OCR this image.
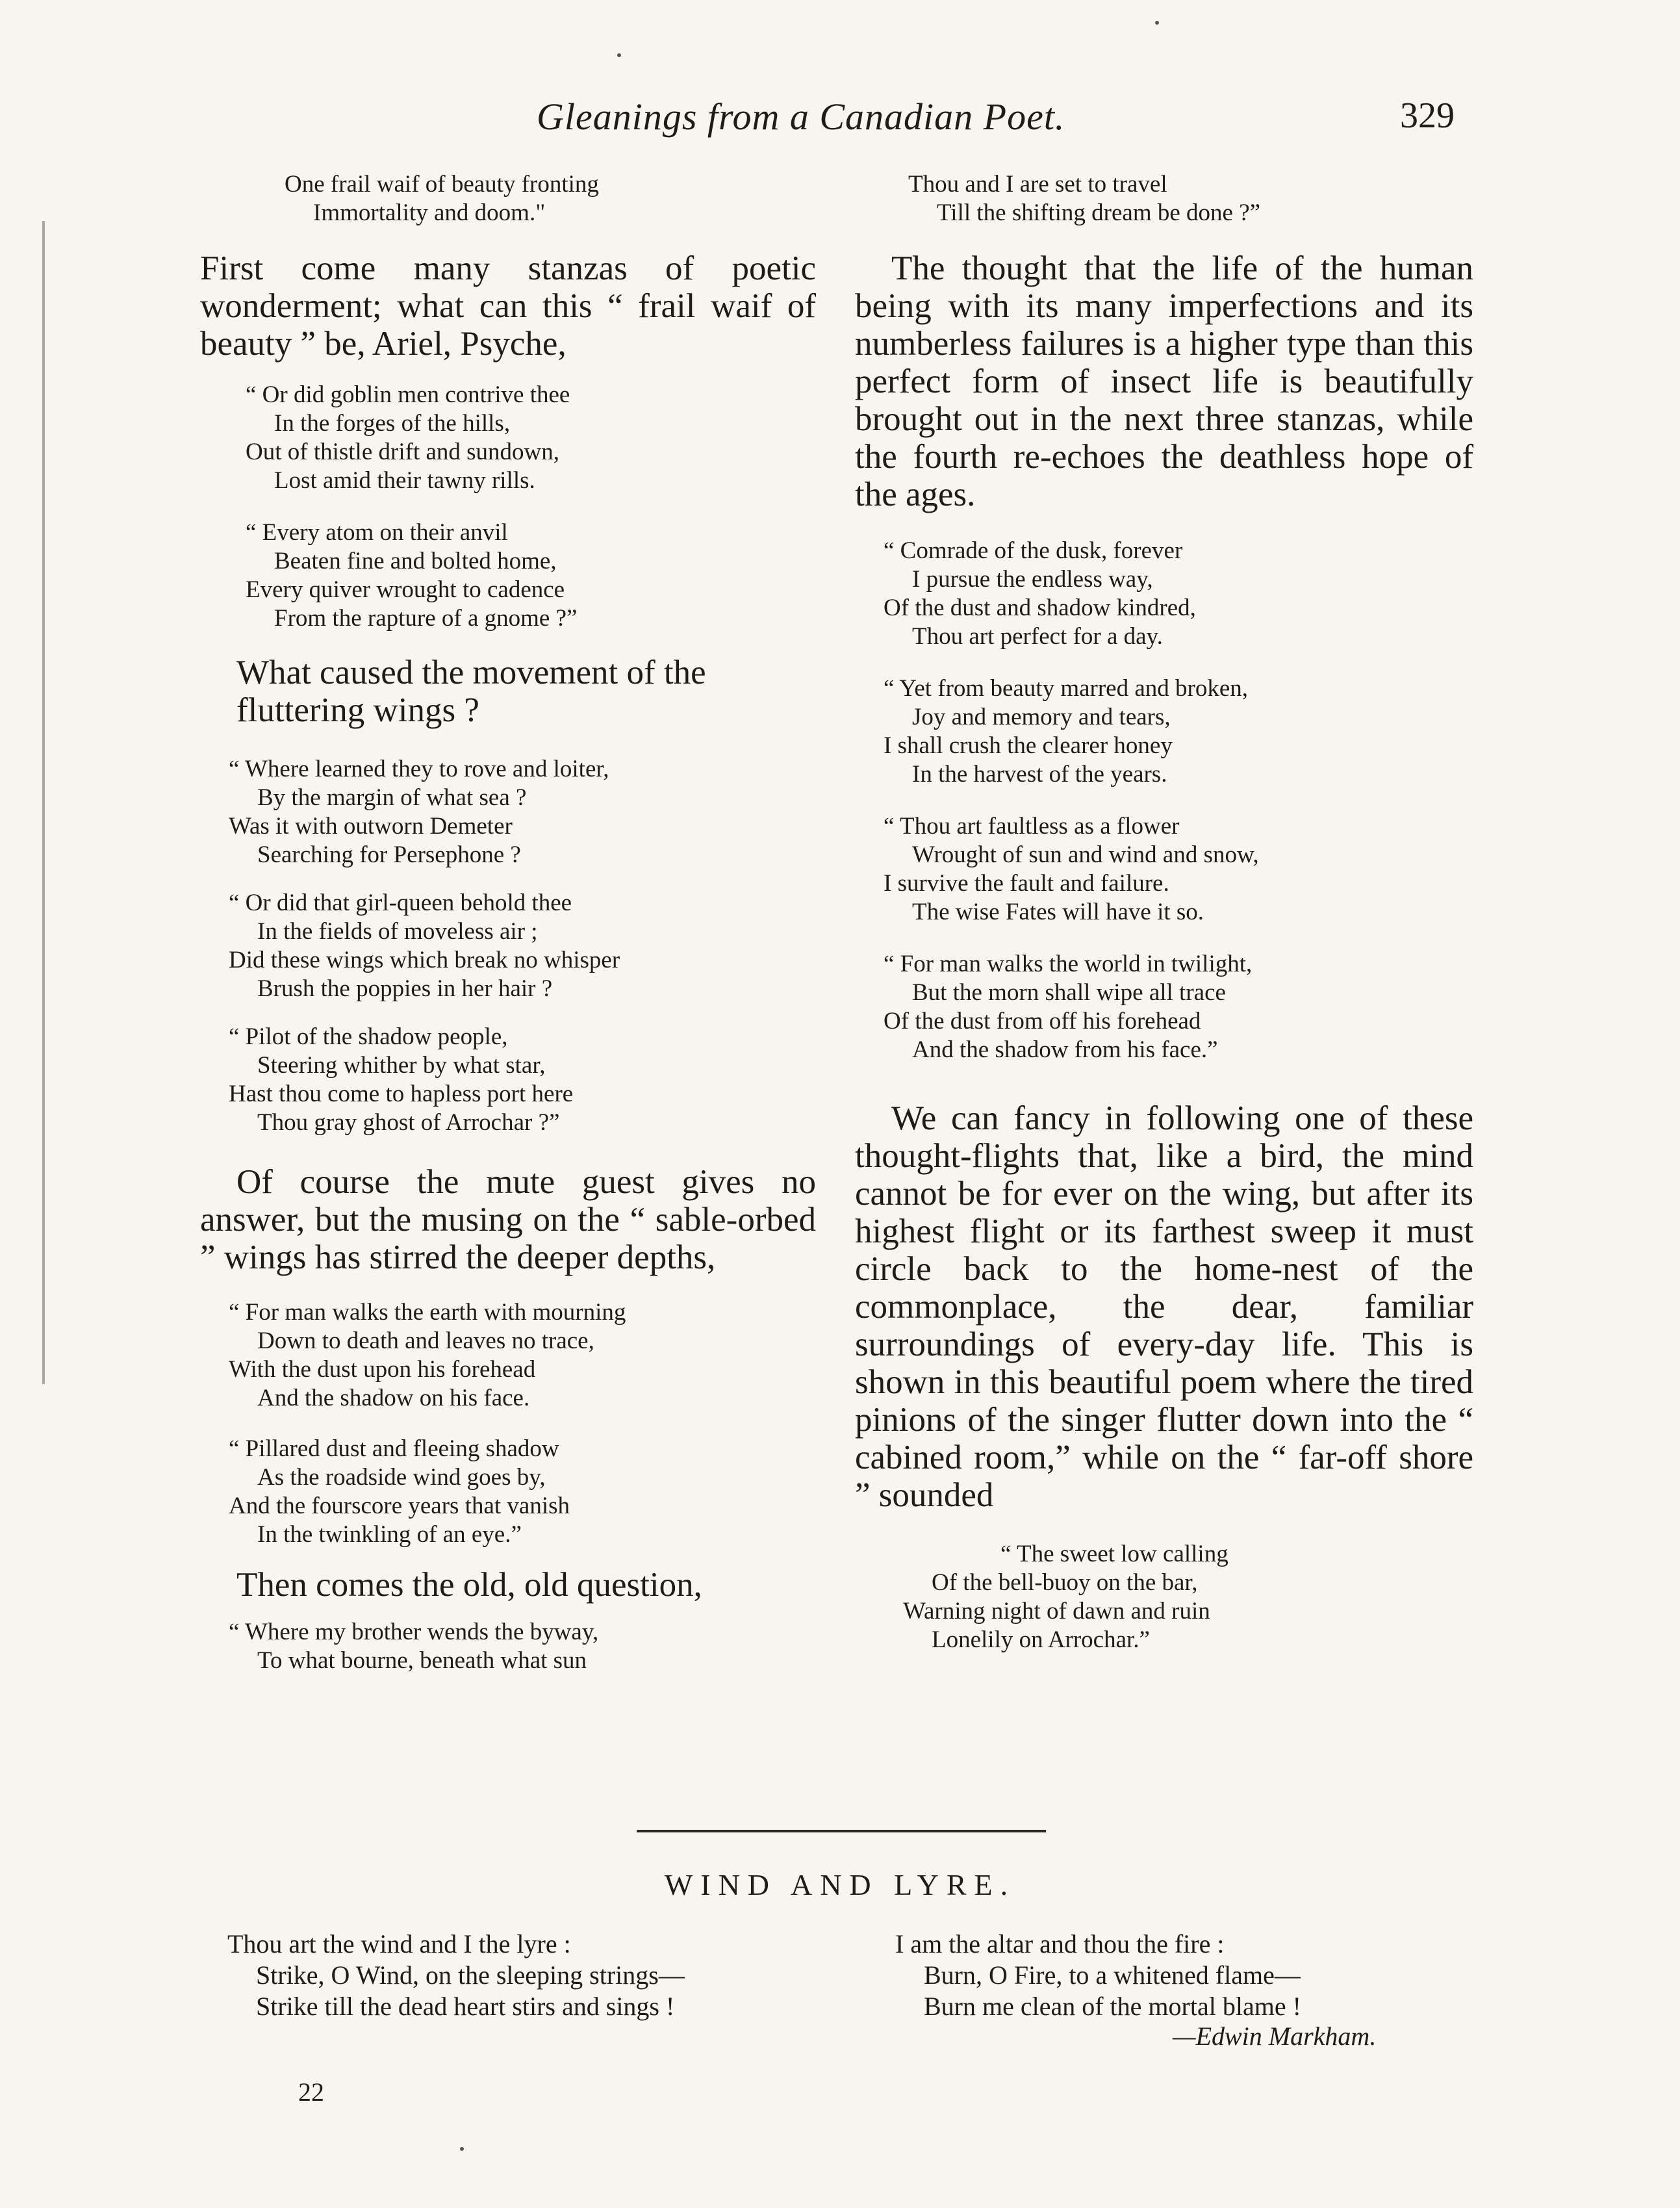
Gleanings from a Canadian Poet.	329
One frail waif of beauty fronting
Immortality and doom."

First come many stanzas of poetic wonderment; what can this “ frail waif of beauty ” be, Ariel, Psyche,

“ Or did goblin men contrive thee
In the forges of the hills,
Out of thistle drift and sundown,
Lost amid their tawny rills.
“ Every atom on their anvil
Beaten fine and bolted home,
Every quiver wrought to cadence
From the rapture of a gnome ?”

What caused the movement of the fluttering wings ?

“ Where learned they to rove and loiter,
By the margin of what sea ?
Was it with outworn Demeter
Searching for Persephone ?
“ Or did that girl-queen behold thee
In the fields of moveless air ;
Did these wings which break no whisper
Brush the poppies in her hair ?
“ Pilot of the shadow people,
Steering whither by what star,
Hast thou come to hapless port here
Thou gray ghost of Arrochar ?”

Of course the mute guest gives no answer, but the musing on the “ sable-orbed ” wings has stirred the deeper depths,

“ For man walks the earth with mourning
Down to death and leaves no trace,
With the dust upon his forehead
And the shadow on his face.
“ Pillared dust and fleeing shadow
As the roadside wind goes by,
And the fourscore years that vanish
In the twinkling of an eye.”

Then comes the old, old question,

“ Where my brother wends the byway,
To what bourne, beneath what sun
Thou and I are set to travel
Till the shifting dream be done ?”

The thought that the life of the human being with its many imperfections and its numberless failures is a higher type than this perfect form of insect life is beautifully brought out in the next three stanzas, while the fourth re-echoes the deathless hope of the ages.

“ Comrade of the dusk, forever
I pursue the endless way,
Of the dust and shadow kindred,
Thou art perfect for a day.
“ Yet from beauty marred and broken,
Joy and memory and tears,
I shall crush the clearer honey
In the harvest of the years.
“ Thou art faultless as a flower
Wrought of sun and wind and snow,
I survive the fault and failure.
The wise Fates will have it so.
“ For man walks the world in twilight,
But the morn shall wipe all trace
Of the dust from off his forehead
And the shadow from his face.”

We can fancy in following one of these thought-flights that, like a bird, the mind cannot be for ever on the wing, but after its highest flight or its farthest sweep it must circle back to the home-nest of the commonplace, the dear, familiar surroundings of every-day life. This is shown in this beautiful poem where the tired pinions of the singer flutter down into the “ cabined room,” while on the “ far-off shore ” sounded

“ The sweet low calling
Of the bell-buoy on the bar,
Warning night of dawn and ruin
Lonelily on Arrochar.”
WIND AND LYRE.
Thou art the wind and I the lyre :
Strike, O Wind, on the sleeping strings—
Strike till the dead heart stirs and sings !
I am the altar and thou the fire :
Burn, O Fire, to a whitened flame—
Burn me clean of the mortal blame !
—Edwin Markham.
22
